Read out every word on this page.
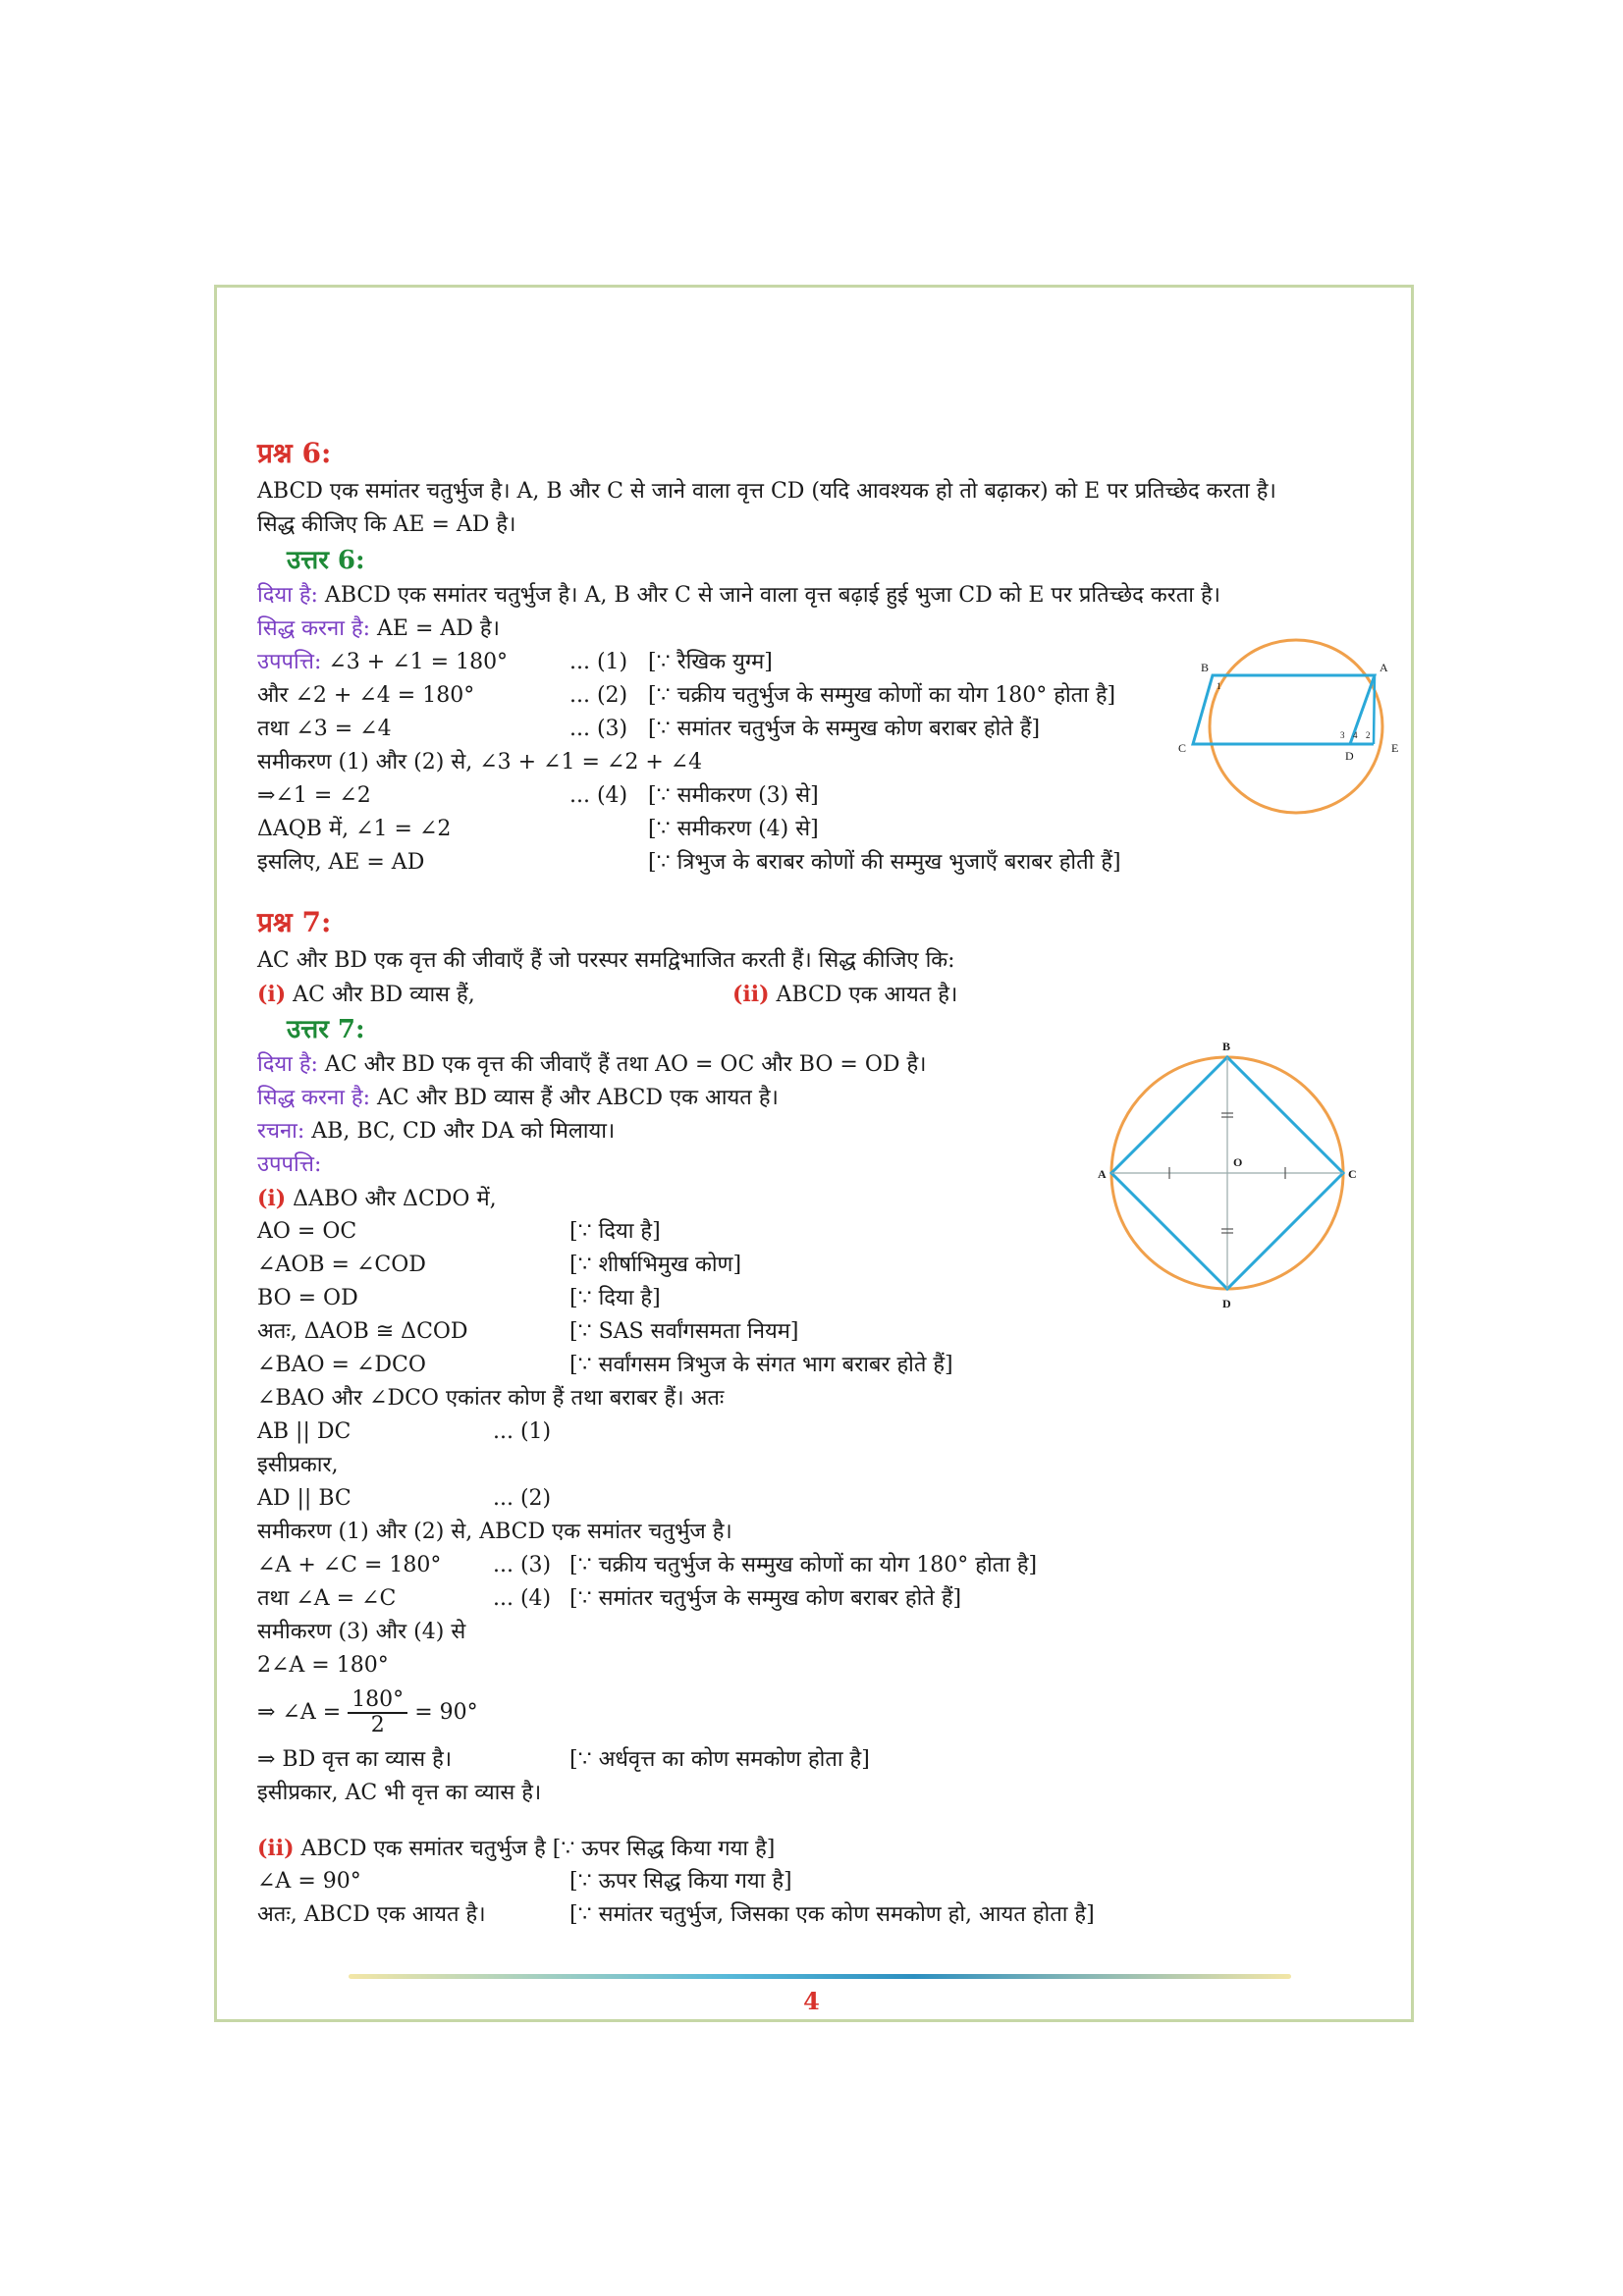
प्रश्न 6:
ABCD एक समांतर चतुर्भुज है। A, B और C से जाने वाला वृत्त CD (यदि आवश्यक हो तो बढ़ाकर) को E पर प्रतिच्छेद करता है।
सिद्ध कीजिए कि AE = AD है।
उत्तर 6:
दिया है: ABCD एक समांतर चतुर्भुज है। A, B और C से जाने वाला वृत्त बढ़ाई हुई भुजा CD को E पर प्रतिच्छेद करता है।
सिद्ध करना है: AE = AD है।
उपपत्ति: ∠3 + ∠1 = 180°	... (1) [∵ रैखिक युग्म]
और ∠2 + ∠4 = 180°	... (2) [∵ चक्रीय चतुर्भुज के सम्मुख कोणों का योग 180° होता है]
तथा ∠3 = ∠4	... (3) [∵ समांतर चतुर्भुज के सम्मुख कोण बराबर होते हैं]
समीकरण (1) और (2) से, ∠3 + ∠1 = ∠2 + ∠4
⇒∠1 = ∠2	... (4) [∵ समीकरण (3) से]
ΔAQB में, ∠1 = ∠2	[∵ समीकरण (4) से]
इसलिए, AE = AD	[∵ त्रिभुज के बराबर कोणों की सम्मुख भुजाएँ बराबर होती हैं]
प्रश्न 7:
AC और BD एक वृत्त की जीवाएँ हैं जो परस्पर समद्विभाजित करती हैं। सिद्ध कीजिए कि:
(i) AC और BD व्यास हैं,	(ii) ABCD एक आयत है।
उत्तर 7:
दिया है: AC और BD एक वृत्त की जीवाएँ हैं तथा AO = OC और BO = OD है।
सिद्ध करना है: AC और BD व्यास हैं और ABCD एक आयत है।
रचना: AB, BC, CD और DA को मिलाया।
उपपत्ति:
(i) ΔABO और ΔCDO में,
AO = OC	[∵ दिया है]
∠AOB = ∠COD	[∵ शीर्षाभिमुख कोण]
BO = OD	[∵ दिया है]
अतः, ΔAOB ≅ ΔCOD	[∵ SAS सर्वांगसमता नियम]
∠BAO = ∠DCO	[∵ सर्वांगसम त्रिभुज के संगत भाग बराबर होते हैं]
∠BAO और ∠DCO एकांतर कोण हैं तथा बराबर हैं। अतः
AB || DC	... (1)
इसीप्रकार,
AD || BC	... (2)
समीकरण (1) और (2) से, ABCD एक समांतर चतुर्भुज है।
∠A + ∠C = 180° ... (3) [∵ चक्रीय चतुर्भुज के सम्मुख कोणों का योग 180° होता है]
तथा ∠A = ∠C	... (4) [∵ समांतर चतुर्भुज के सम्मुख कोण बराबर होते हैं]
समीकरण (3) और (4) से
2∠A = 180°
⇒ ∠A = $\frac{180^\circ}{2} = 90^\circ$
⇒ BD वृत्त का व्यास है।	[∵ अर्धवृत्त का कोण समकोण होता है]
इसीप्रकार, AC भी वृत्त का व्यास है।
(ii) ABCD एक समांतर चतुर्भुज है [∵ ऊपर सिद्ध किया गया है]
∠A = 90°	[∵ ऊपर सिद्ध किया गया है]
अतः, ABCD एक आयत है।	[∵ समांतर चतुर्भुज, जिसका एक कोण समकोण हो, आयत होता है]
B	A
C
D
E
1
3 4 2
B
A
O
C
D
4
